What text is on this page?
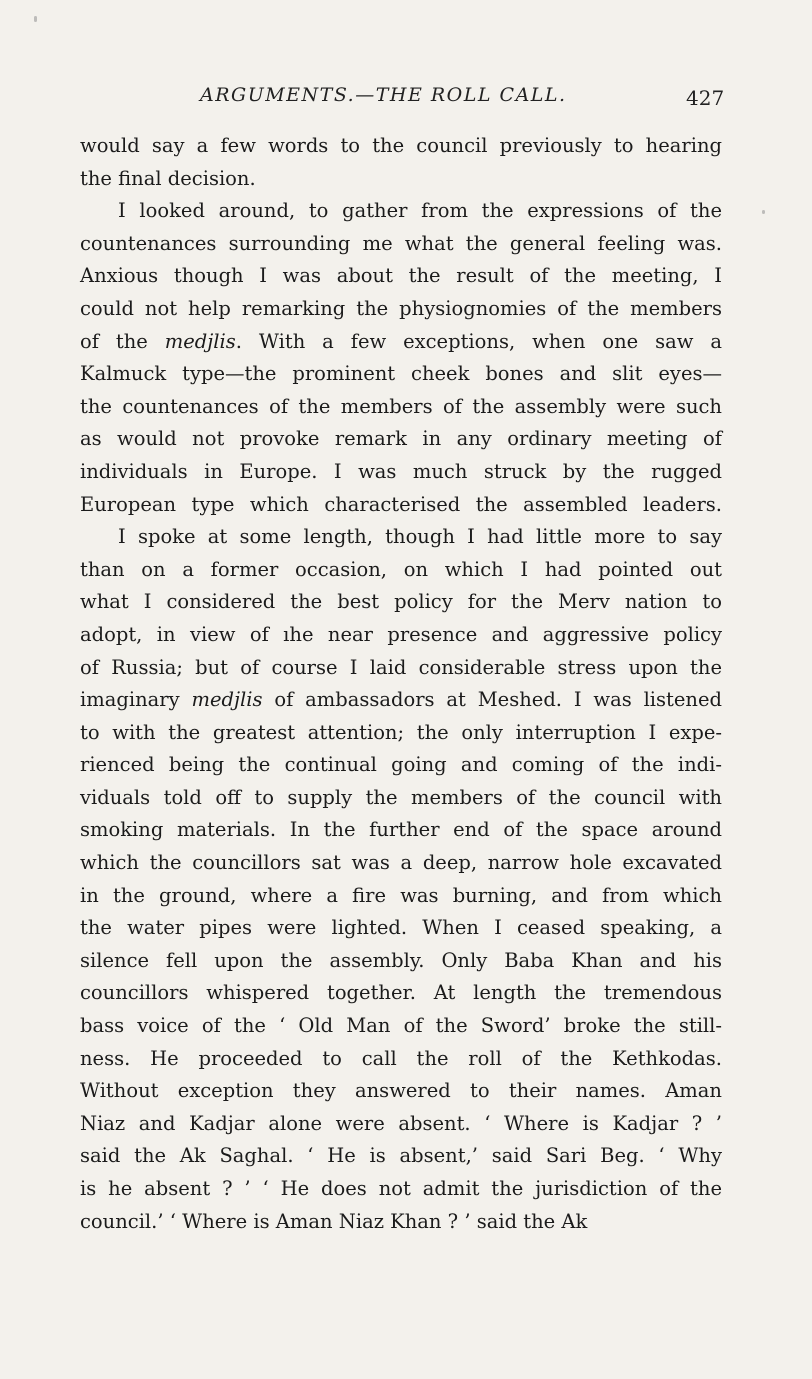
ARGUMENTS.—THE ROLL CALL.	427
would say a few words to the council previously to hearing
the final decision.
I looked around, to gather from the expressions of the
countenances surrounding me what the general feeling was.
Anxious though I was about the result of the meeting, I
could not help remarking the physiognomies of the members
of the medjlis. With a few exceptions, when one saw a
Kalmuck type—the prominent cheek bones and slit eyes—
the countenances of the members of the assembly were such
as would not provoke remark in any ordinary meeting of
individuals in Europe. I was much struck by the rugged
European type which characterised the assembled leaders.
I spoke at some length, though I had little more to say
than on a former occasion, on which I had pointed out
what I considered the best policy for the Merv nation to
adopt, in view of ıhe near presence and aggressive policy
of Russia; but of course I laid considerable stress upon the
imaginary medjlis of ambassadors at Meshed. I was listened
to with the greatest attention; the only interruption I expe-
rienced being the continual going and coming of the indi-
viduals told off to supply the members of the council with
smoking materials. In the further end of the space around
which the councillors sat was a deep, narrow hole excavated
in the ground, where a fire was burning, and from which
the water pipes were lighted. When I ceased speaking, a
silence fell upon the assembly. Only Baba Khan and his
councillors whispered together. At length the tremendous
bass voice of the ‘ Old Man of the Sword’ broke the still-
ness. He proceeded to call the roll of the Kethkodas.
Without exception they answered to their names. Aman
Niaz and Kadjar alone were absent. ‘ Where is Kadjar ? ’
said the Ak Saghal. ‘ He is absent,’ said Sari Beg. ‘ Why
is he absent ? ’ ‘ He does not admit the jurisdiction of the
council.’ ‘ Where is Aman Niaz Khan ? ’ said the Ak
